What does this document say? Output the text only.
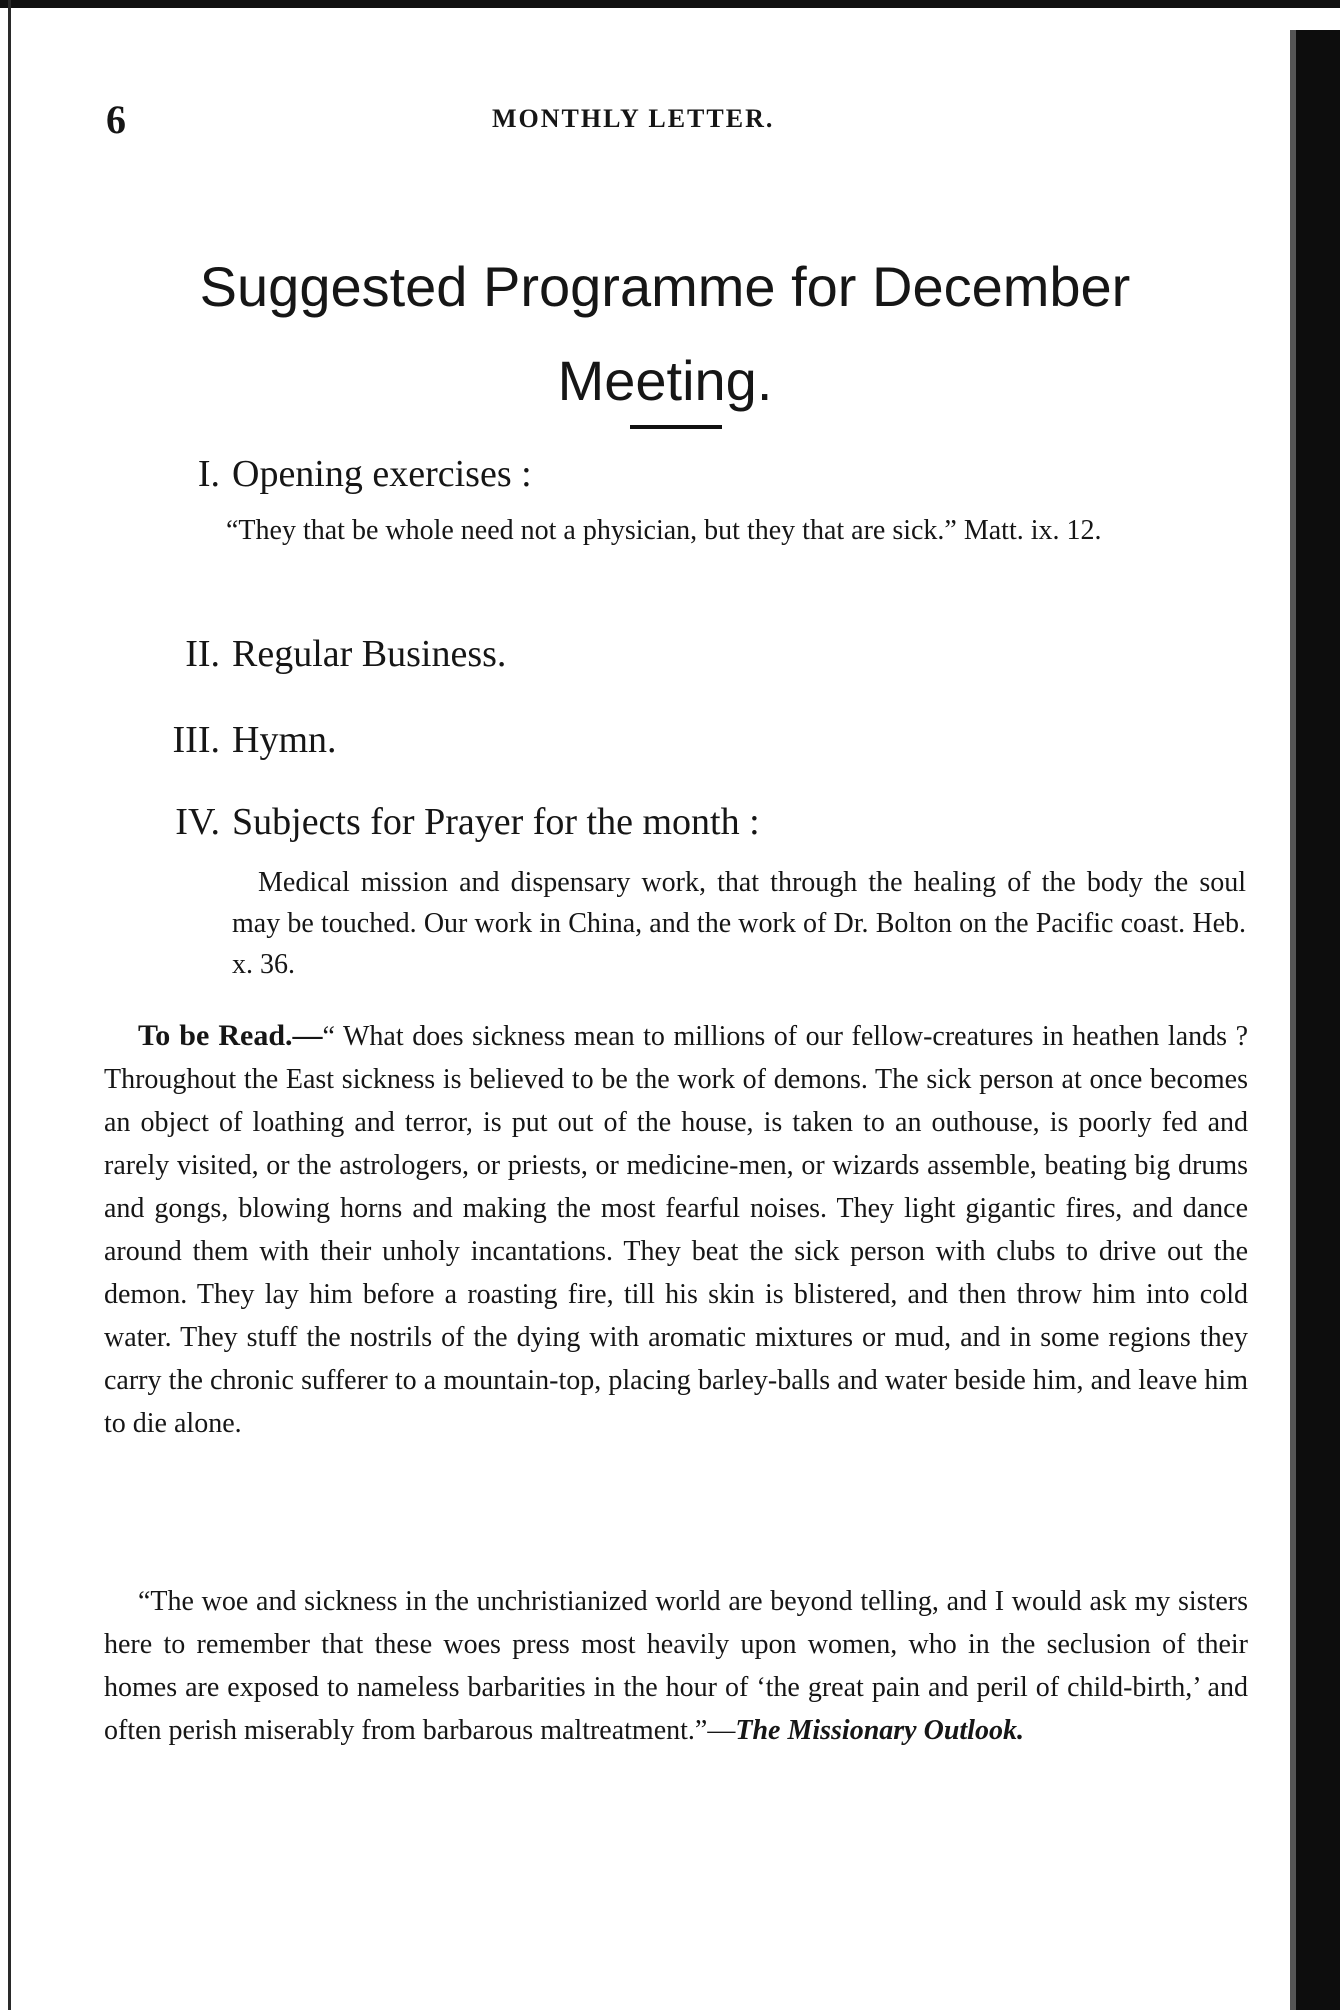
6	MONTHLY LETTER.
Suggested Programme for December Meeting.
I. Opening exercises :
“They that be whole need not a physician, but they that are sick.” Matt. ix. 12.
II. Regular Business.
III. Hymn.
IV. Subjects for Prayer for the month :
Medical mission and dispensary work, that through the healing of the body the soul may be touched. Our work in China, and the work of Dr. Bolton on the Pacific coast. Heb. x. 36.
To be Read.—“ What does sickness mean to millions of our fellow-creatures in heathen lands ? Throughout the East sickness is believed to be the work of demons. The sick person at once becomes an object of loathing and terror, is put out of the house, is taken to an outhouse, is poorly fed and rarely visited, or the astrologers, or priests, or medicine-men, or wizards assemble, beating big drums and gongs, blowing horns and making the most fearful noises. They light gigantic fires, and dance around them with their unholy incantations. They beat the sick person with clubs to drive out the demon. They lay him before a roasting fire, till his skin is blistered, and then throw him into cold water. They stuff the nostrils of the dying with aromatic mixtures or mud, and in some regions they carry the chronic sufferer to a mountain-top, placing barley-balls and water beside him, and leave him to die alone.
“The woe and sickness in the unchristianized world are beyond telling, and I would ask my sisters here to remember that these woes press most heavily upon women, who in the seclusion of their homes are exposed to nameless barbarities in the hour of ‘the great pain and peril of child-birth,’ and often perish miserably from barbarous maltreatment.”—The Missionary Outlook.
